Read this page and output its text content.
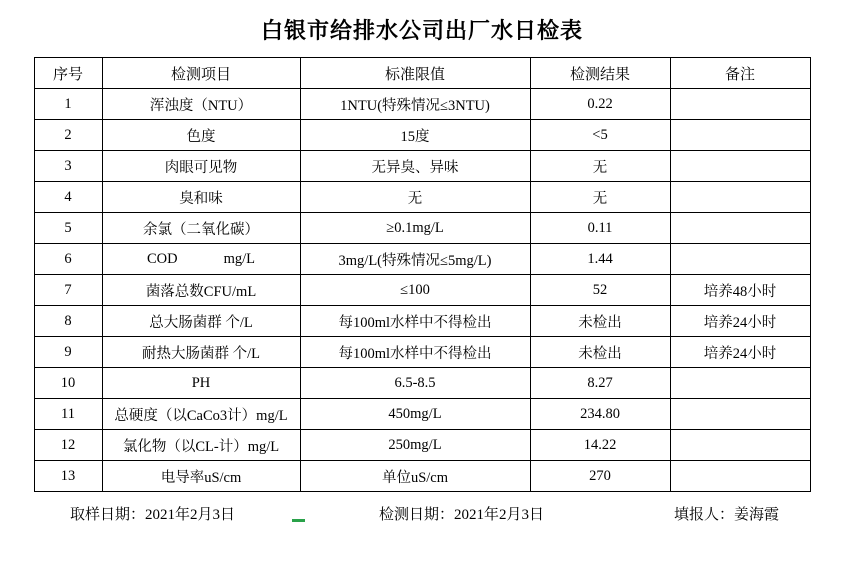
白银市给排水公司出厂水日检表
序号	检测项目	标准限值	检测结果	备注
1	浑浊度（NTU）	1NTU(特殊情况≤3NTU)	0.22	
2	色度	15度	<5	
3	肉眼可见物	无异臭、异味	无	
4	臭和味	无	无	
5	余氯（二氧化碳）	≥0.1mg/L	0.11	
6	COD mg/L	3mg/L(特殊情况≤5mg/L)	1.44	
7	菌落总数CFU/mL	≤100	52	培养48小时
8	总大肠菌群 个/L	每100ml水样中不得检出	未检出	培养24小时
9	耐热大肠菌群 个/L	每100ml水样中不得检出	未检出	培养24小时
10	PH	6.5-8.5	8.27	
11	总硬度（以CaCo3计）mg/L	450mg/L	234.80	
12	氯化物（以CL-计）mg/L	250mg/L	14.22	
13	电导率uS/cm	单位uS/cm	270	
取样日期：2021年2月3日	检测日期：2021年2月3日	填报人：姜海霞
